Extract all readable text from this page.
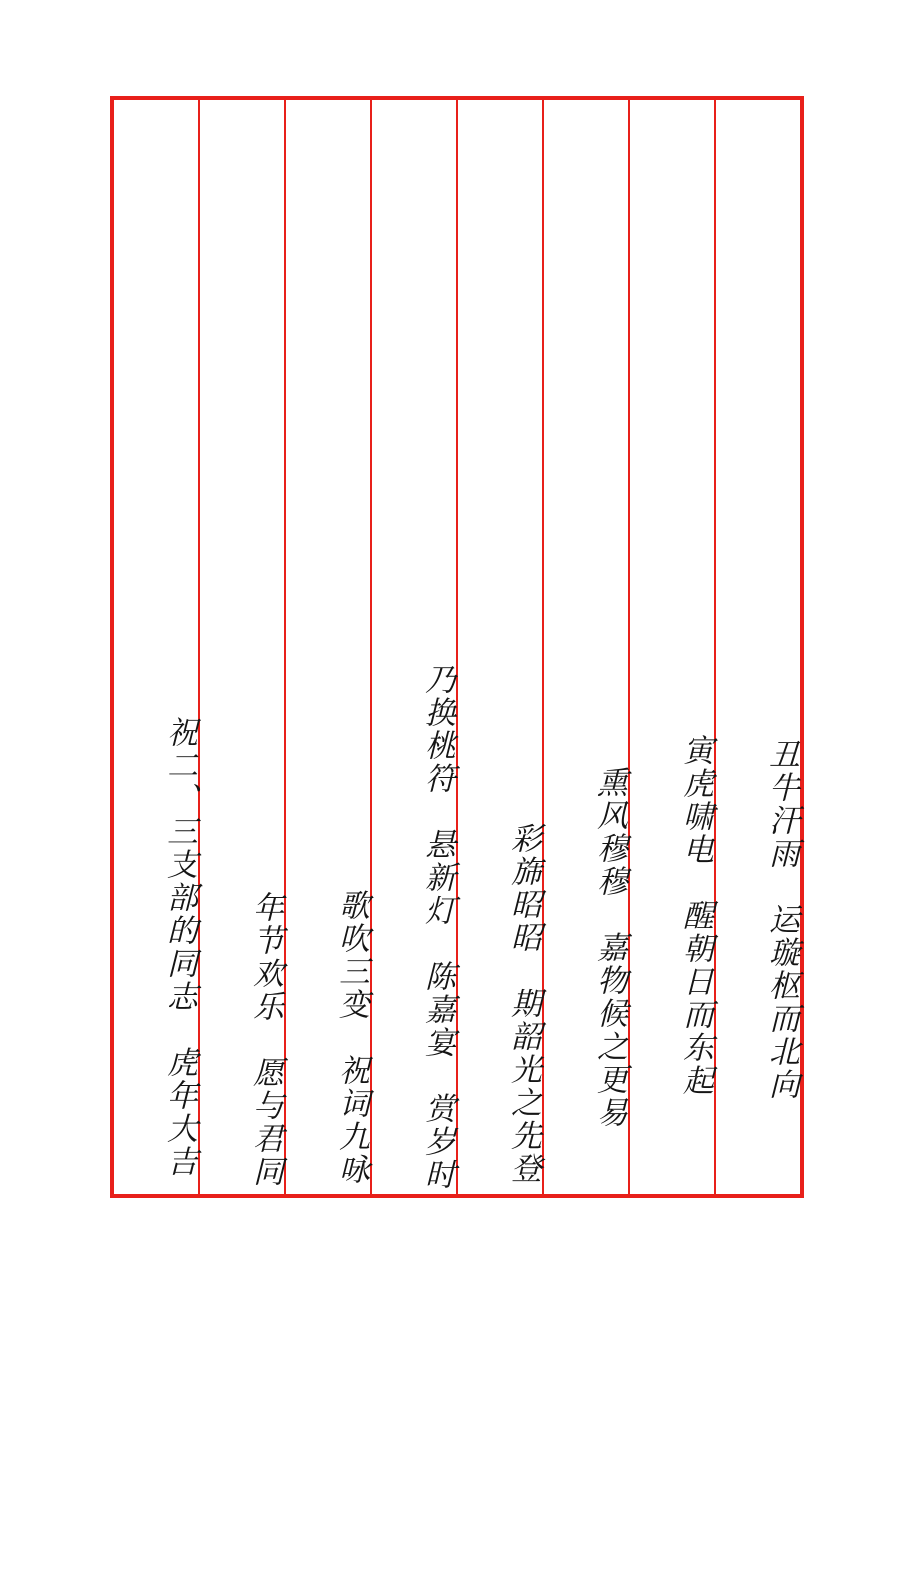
丑牛汗雨　运璇枢而北向
寅虎啸电　醒朝日而东起
熏风穆穆　嘉物候之更易
彩旆昭昭　期韶光之先登
乃换桃符　悬新灯　陈嘉宴　赏岁时
歌吹三变　祝词九咏
年节欢乐　愿与君同
祝二、三支部的同志　虎年大吉
